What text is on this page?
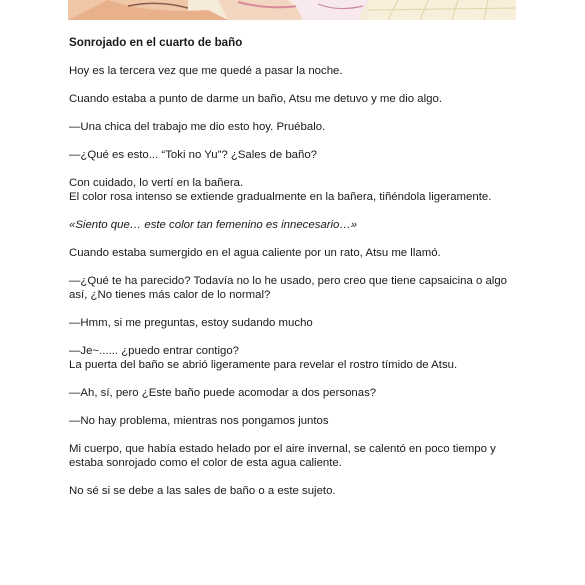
Sonrojado en el cuarto de baño
Hoy es la tercera vez que me quedé a pasar la noche.
Cuando estaba a punto de darme un baño, Atsu me detuvo y me dio algo.
—Una chica del trabajo me dio esto hoy. Pruébalo.
—¿Qué es esto... “Toki no Yu”? ¿Sales de baño?
Con cuidado, lo vertí en la bañera.
El color rosa intenso se extiende gradualmente en la bañera, tiñéndola ligeramente.
«Siento que… este color tan femenino es innecesario…»
Cuando estaba sumergido en el agua caliente por un rato, Atsu me llamó.
—¿Qué te ha parecido? Todavía no lo he usado, pero creo que tiene capsaicina o algo
así, ¿No tienes más calor de lo normal?
—Hmm, si me preguntas, estoy sudando mucho
—Je~...... ¿puedo entrar contigo?
La puerta del baño se abrió ligeramente para revelar el rostro tímido de Atsu.
—Ah, sí, pero ¿Este baño puede acomodar a dos personas?
—No hay problema, mientras nos pongamos juntos
Mi cuerpo, que había estado helado por el aire invernal, se calentó en poco tiempo y
estaba sonrojado como el color de esta agua caliente.
No sé si se debe a las sales de baño o a este sujeto.
